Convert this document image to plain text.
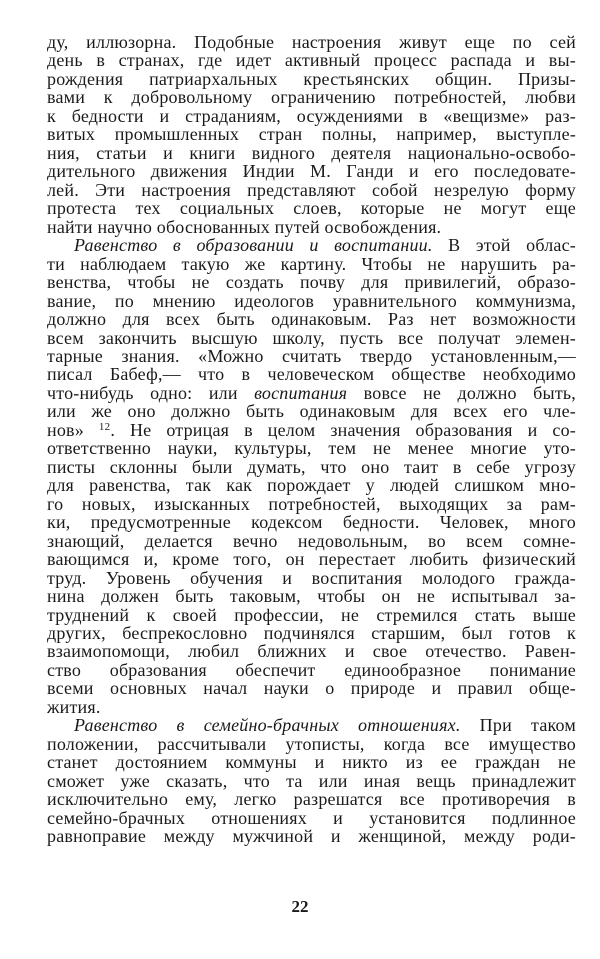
ду, иллюзорна. Подобные настроения живут еще по сей
день в странах, где идет активный процесс распада и вы-
рождения патриархальных крестьянских общин. Призы-
вами к добровольному ограничению потребностей, любви
к бедности и страданиям, осуждениями в «вещизме» раз-
витых промышленных стран полны, например, выступле-
ния, статьи и книги видного деятеля национально-освобо-
дительного движения Индии М. Ганди и его последовате-
лей. Эти настроения представляют собой незрелую форму
протеста тех социальных слоев, которые не могут еще
найти научно обоснованных путей освобождения.
Равенство в образовании и воспитании. В этой облас-
ти наблюдаем такую же картину. Чтобы не нарушить ра-
венства, чтобы не создать почву для привилегий, образо-
вание, по мнению идеологов уравнительного коммунизма,
должно для всех быть одинаковым. Раз нет возможности
всем закончить высшую школу, пусть все получат элемен-
тарные знания. «Можно считать твердо установленным,—
писал Бабеф,— что в человеческом обществе необходимо
что-нибудь одно: или воспитания вовсе не должно быть,
или же оно должно быть одинаковым для всех его чле-
нов» $^{12}$. Не отрицая в целом значения образования и со-
ответственно науки, культуры, тем не менее многие уто-
писты склонны были думать, что оно таит в себе угрозу
для равенства, так как порождает у людей слишком мно-
го новых, изысканных потребностей, выходящих за рам-
ки, предусмотренные кодексом бедности. Человек, много
знающий, делается вечно недовольным, во всем сомне-
вающимся и, кроме того, он перестает любить физический
труд. Уровень обучения и воспитания молодого гражда-
нина должен быть таковым, чтобы он не испытывал за-
труднений к своей профессии, не стремился стать выше
других, беспрекословно подчинялся старшим, был готов к
взаимопомощи, любил ближних и свое отечество. Равен-
ство образования обеспечит единообразное понимание
всеми основных начал науки о природе и правил обще-
жития.
Равенство в семейно-брачных отношениях. При таком
положении, рассчитывали утописты, когда все имущество
станет достоянием коммуны и никто из ее граждан не
сможет уже сказать, что та или иная вещь принадлежит
исключительно ему, легко разрешатся все противоречия в
семейно-брачных отношениях и установится подлинное
равноправие между мужчиной и женщиной, между роди-
22
